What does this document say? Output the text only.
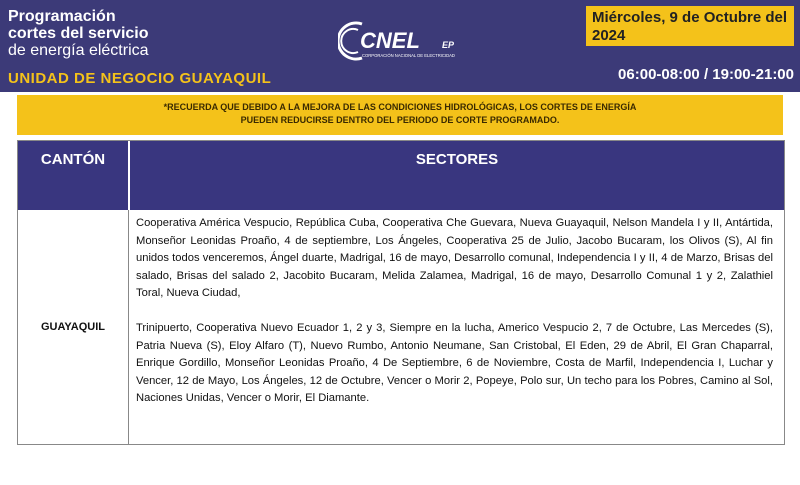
Programación
cortes del servicio
de energía eléctrica
UNIDAD DE NEGOCIO GUAYAQUIL
CNEL EP
CORPORACIÓN NACIONAL DE ELECTRICIDAD
Miércoles, 9 de Octubre del 2024
06:00-08:00 / 19:00-21:00
*RECUERDA QUE DEBIDO A LA MEJORA DE LAS CONDICIONES HIDROLÓGICAS, LOS CORTES DE ENERGÍA
PUEDEN REDUCIRSE DENTRO DEL PERIODO DE CORTE PROGRAMADO.
CANTÓN	SECTORES
GUAYAQUIL

Cooperativa América Vespucio, República Cuba, Cooperativa Che Guevara, Nueva Guayaquil, Nelson Mandela I y II, Antártida, Monseñor Leonidas Proaño, 4 de septiembre, Los Ángeles, Cooperativa 25 de Julio, Jacobo Bucaram, los Olivos (S), Al fin unidos todos venceremos, Ángel duarte, Madrigal, 16 de mayo, Desarrollo comunal, Independencia I y II, 4 de Marzo, Brisas del salado, Brisas del salado 2, Jacobito Bucaram, Melida Zalamea, Madrigal, 16 de mayo, Desarrollo Comunal 1 y 2, Zalathiel Toral, Nueva Ciudad,

Trinipuerto, Cooperativa Nuevo Ecuador 1, 2 y 3, Siempre en la lucha, Americo Vespucio 2, 7 de Octubre, Las Mercedes (S), Patria Nueva (S), Eloy Alfaro (T), Nuevo Rumbo, Antonio Neumane, San Cristobal, El Eden, 29 de Abril, El Gran Chaparral, Enrique Gordillo, Monseñor Leonidas Proaño, 4 De Septiembre, 6 de Noviembre, Costa de Marfil, Independencia I, Luchar y Vencer, 12 de Mayo, Los Ángeles, 12 de Octubre, Vencer o Morir 2, Popeye, Polo sur, Un techo para los Pobres, Camino al Sol, Naciones Unidas, Vencer o Morir, El Diamante.
